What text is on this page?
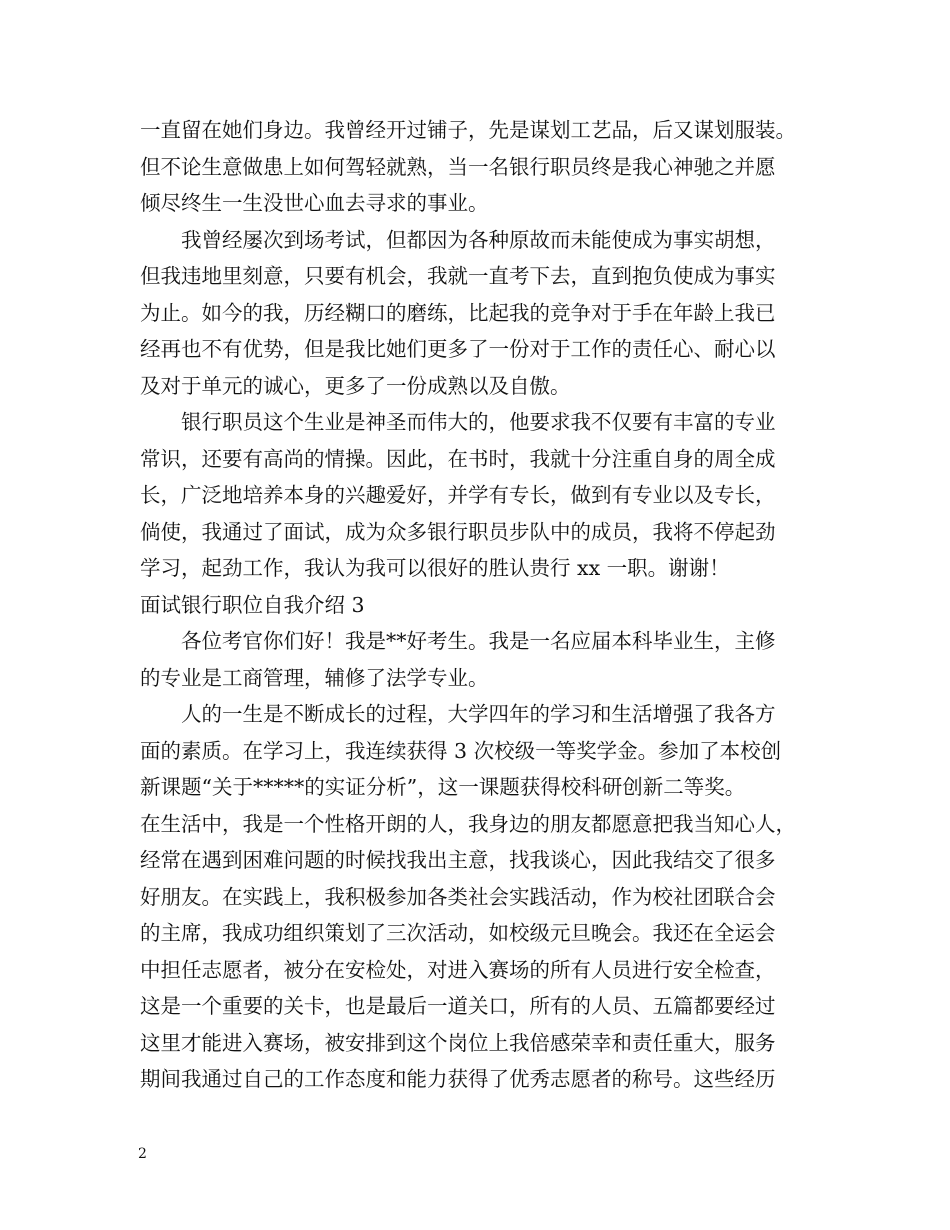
一直留在她们身边。我曾经开过铺子，先是谋划工艺品，后又谋划服装。
但不论生意做患上如何驾轻就熟，当一名银行职员终是我心神驰之并愿
倾尽终生一生没世心血去寻求的事业。
我曾经屡次到场考试，但都因为各种原故而未能使成为事实胡想，
但我违地里刻意，只要有机会，我就一直考下去，直到抱负使成为事实
为止。如今的我，历经糊口的磨练，比起我的竞争对于手在年龄上我已
经再也不有优势，但是我比她们更多了一份对于工作的责任心、耐心以
及对于单元的诚心，更多了一份成熟以及自傲。
银行职员这个生业是神圣而伟大的，他要求我不仅要有丰富的专业
常识，还要有高尚的情操。因此，在书时，我就十分注重自身的周全成
长，广泛地培养本身的兴趣爱好，并学有专长，做到有专业以及专长，
倘使，我通过了面试，成为众多银行职员步队中的成员，我将不停起劲
学习，起劲工作，我认为我可以很好的胜认贵行 xx 一职。谢谢！
面试银行职位自我介绍 3
各位考官你们好！我是**好考生。我是一名应届本科毕业生，主修
的专业是工商管理，辅修了法学专业。
人的一生是不断成长的过程，大学四年的学习和生活增强了我各方
面的素质。在学习上，我连续获得 3 次校级一等奖学金。参加了本校创
新课题“关于*****的实证分析”，这一课题获得校科研创新二等奖。
在生活中，我是一个性格开朗的人，我身边的朋友都愿意把我当知心人，
经常在遇到困难问题的时候找我出主意，找我谈心，因此我结交了很多
好朋友。在实践上，我积极参加各类社会实践活动，作为校社团联合会
的主席，我成功组织策划了三次活动，如校级元旦晚会。我还在全运会
中担任志愿者，被分在安检处，对进入赛场的所有人员进行安全检查，
这是一个重要的关卡，也是最后一道关口，所有的人员、五篇都要经过
这里才能进入赛场，被安排到这个岗位上我倍感荣幸和责任重大，服务
期间我通过自己的工作态度和能力获得了优秀志愿者的称号。这些经历
2
